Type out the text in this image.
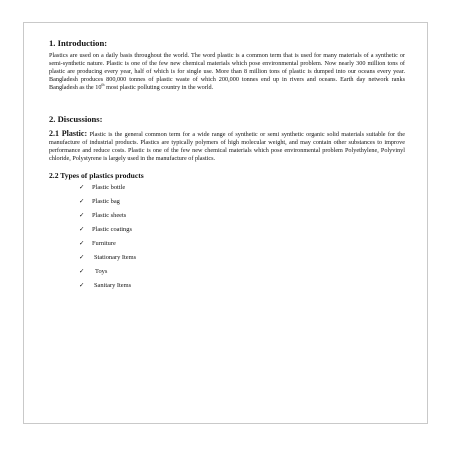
1. Introduction:

Plastics are used on a daily basis throughout the world. The word plastic is a common term that is used for many materials of a synthetic or semi-synthetic nature. Plastic is one of the few new chemical materials which pose environmental problem. Now nearly 300 million tons of plastic are producing every year, half of which is for single use. More than 8 million tons of plastic is dumped into our oceans every year. Bangladesh produces 800,000 tonnes of plastic waste of which 200,000 tonnes end up in rivers and oceans. Earth day network ranks Bangladesh as the 10th most plastic polluting country in the world.

2. Discussions:

2.1 Plastic: Plastic is the general common term for a wide range of synthetic or semi synthetic organic solid materials suitable for the manufacture of industrial products. Plastics are typically polymers of high molecular weight, and may contain other substances to improve performance and reduce costs. Plastic is one of the few new chemical materials which pose environmental problem Polyethylene, Polyvinyl chloride, Polystyrene is largely used in the manufacture of plastics.

2.2 Types of plastics products
✓	Plastic bottle
✓	Plastic bag
✓	Plastic sheets
✓	Plastic coatings
✓	Furniture
✓	Stationary Items
✓	Toys
✓	Sanitary Items
